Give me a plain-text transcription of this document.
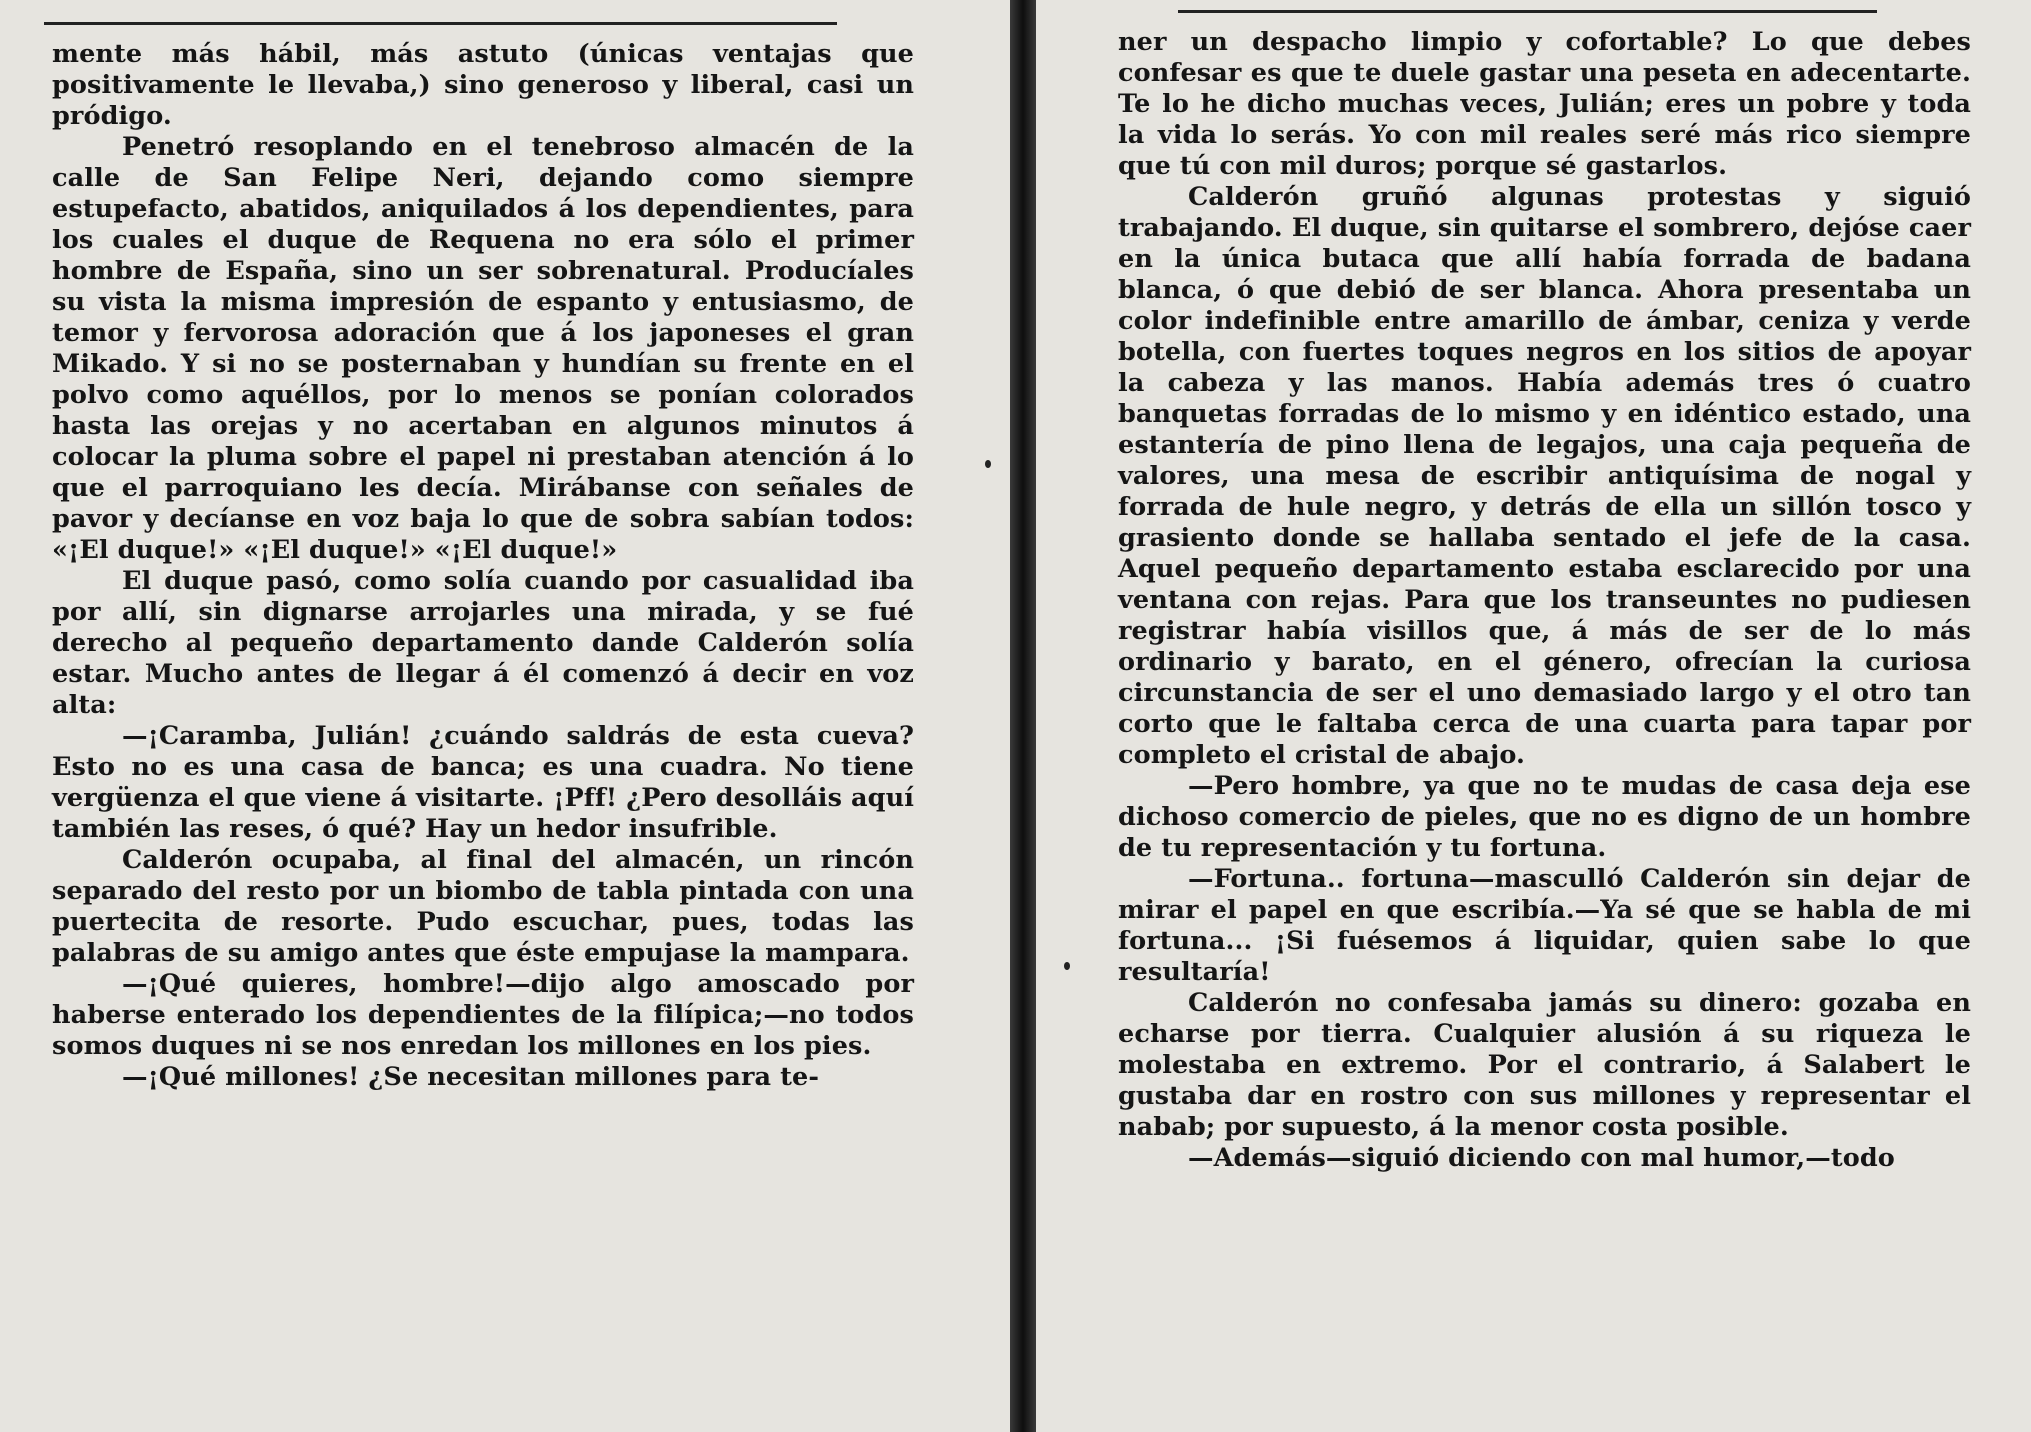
mente más hábil, más astuto (únicas ventajas que positivamente le llevaba,) sino generoso y liberal, casi un pródigo.

Penetró resoplando en el tenebroso almacén de la calle de San Felipe Neri, dejando como siempre estupefacto, abatidos, aniquilados á los dependientes, para los cuales el duque de Requena no era sólo el primer hombre de España, sino un ser sobrenatural. Producíales su vista la misma impresión de espanto y entusiasmo, de temor y fervorosa adoración que á los japoneses el gran Mikado. Y si no se posternaban y hundían su frente en el polvo como aquéllos, por lo menos se ponían colorados hasta las orejas y no acertaban en algunos minutos á colocar la pluma sobre el papel ni prestaban atención á lo que el parroquiano les decía. Mirábanse con señales de pavor y decíanse en voz baja lo que de sobra sabían todos: «¡El duque!» «¡El duque!» «¡El duque!»

El duque pasó, como solía cuando por casualidad iba por allí, sin dignarse arrojarles una mirada, y se fué derecho al pequeño departamento dande Calderón solía estar. Mucho antes de llegar á él comenzó á decir en voz alta:

—¡Caramba, Julián! ¿cuándo saldrás de esta cueva? Esto no es una casa de banca; es una cuadra. No tiene vergüenza el que viene á visitarte. ¡Pff! ¿Pero desolláis aquí también las reses, ó qué? Hay un hedor insufrible.

Calderón ocupaba, al final del almacén, un rincón separado del resto por un biombo de tabla pintada con una puertecita de resorte. Pudo escuchar, pues, todas las palabras de su amigo antes que éste empujase la mampara.

—¡Qué quieres, hombre!—dijo algo amoscado por haberse enterado los dependientes de la filípica;—no todos somos duques ni se nos enredan los millones en los pies.

—¡Qué millones! ¿Se necesitan millones para te-

ner un despacho limpio y cofortable? Lo que debes confesar es que te duele gastar una peseta en adecentarte. Te lo he dicho muchas veces, Julián; eres un pobre y toda la vida lo serás. Yo con mil reales seré más rico siempre que tú con mil duros; porque sé gastarlos.

Calderón gruñó algunas protestas y siguió trabajando. El duque, sin quitarse el sombrero, dejóse caer en la única butaca que allí había forrada de badana blanca, ó que debió de ser blanca. Ahora presentaba un color indefinible entre amarillo de ámbar, ceniza y verde botella, con fuertes toques negros en los sitios de apoyar la cabeza y las manos. Había además tres ó cuatro banquetas forradas de lo mismo y en idéntico estado, una estantería de pino llena de legajos, una caja pequeña de valores, una mesa de escribir antiquísima de nogal y forrada de hule negro, y detrás de ella un sillón tosco y grasiento donde se hallaba sentado el jefe de la casa. Aquel pequeño departamento estaba esclarecido por una ventana con rejas. Para que los transeuntes no pudiesen registrar había visillos que, á más de ser de lo más ordinario y barato, en el género, ofrecían la curiosa circunstancia de ser el uno demasiado largo y el otro tan corto que le faltaba cerca de una cuarta para tapar por completo el cristal de abajo.

—Pero hombre, ya que no te mudas de casa deja ese dichoso comercio de pieles, que no es digno de un hombre de tu representación y tu fortuna.

—Fortuna.. fortuna—masculló Calderón sin dejar de mirar el papel en que escribía.—Ya sé que se habla de mi fortuna... ¡Si fuésemos á liquidar, quien sabe lo que resultaría!

Calderón no confesaba jamás su dinero: gozaba en echarse por tierra. Cualquier alusión á su riqueza le molestaba en extremo. Por el contrario, á Salabert le gustaba dar en rostro con sus millones y representar el nabab; por supuesto, á la menor costa posible.

—Además—siguió diciendo con mal humor,—todo
